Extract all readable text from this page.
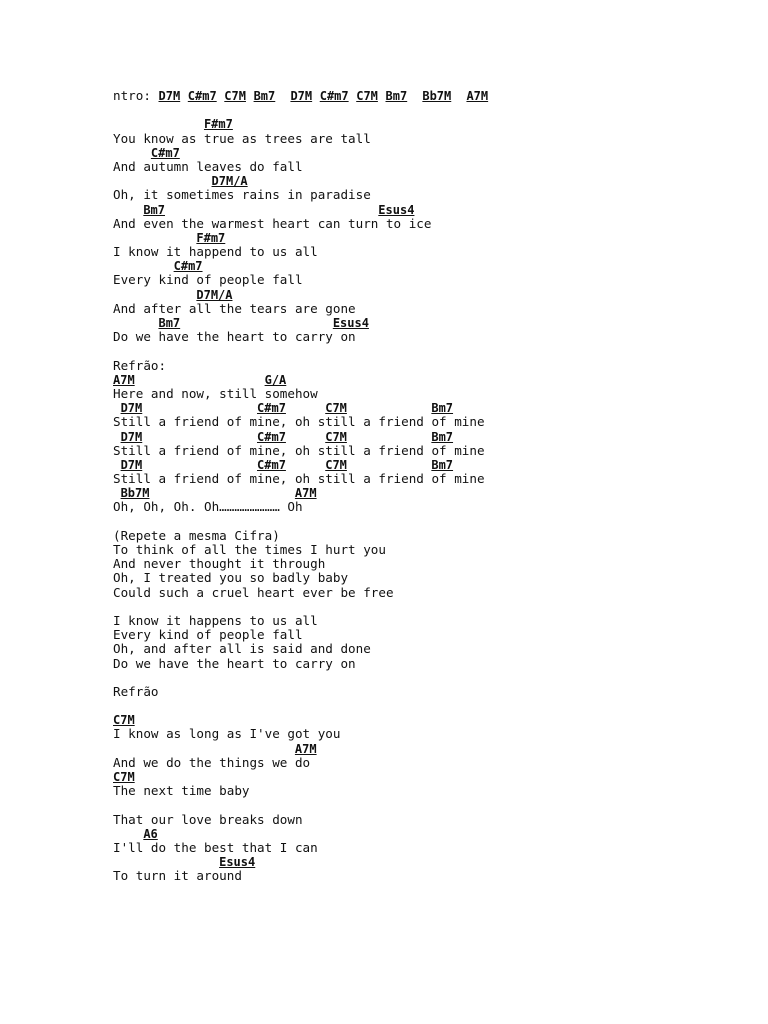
ntro: D7M C#m7 C7M Bm7 D7M C#m7 C7M Bm7 Bb7M A7M
F#m7
You know as true as trees are tall
C#m7
And autumn leaves do fall
D7M/A
Oh, it sometimes rains in paradise
Bm7	Esus4
And even the warmest heart can turn to ice
F#m7
I know it happend to us all
C#m7
Every kind of people fall
D7M/A
And after all the tears are gone
Bm7	Esus4
Do we have the heart to carry on
Refrão:
A7M	G/A
Here and now, still somehow
D7M	C#m7	C7M	Bm7
Still a friend of mine, oh still a friend of mine
D7M	C#m7	C7M	Bm7
Still a friend of mine, oh still a friend of mine
D7M	C#m7	C7M	Bm7
Still a friend of mine, oh still a friend of mine
Bb7M	A7M
Oh, Oh, Oh. Oh…………………… Oh
(Repete a mesma Cifra)
To think of all the times I hurt you
And never thought it through
Oh, I treated you so badly baby
Could such a cruel heart ever be free
I know it happens to us all
Every kind of people fall
Oh, and after all is said and done
Do we have the heart to carry on
Refrão
C7M
I know as long as I've got you
A7M
And we do the things we do
C7M
The next time baby
That our love breaks down
A6
I'll do the best that I can
Esus4
To turn it around
